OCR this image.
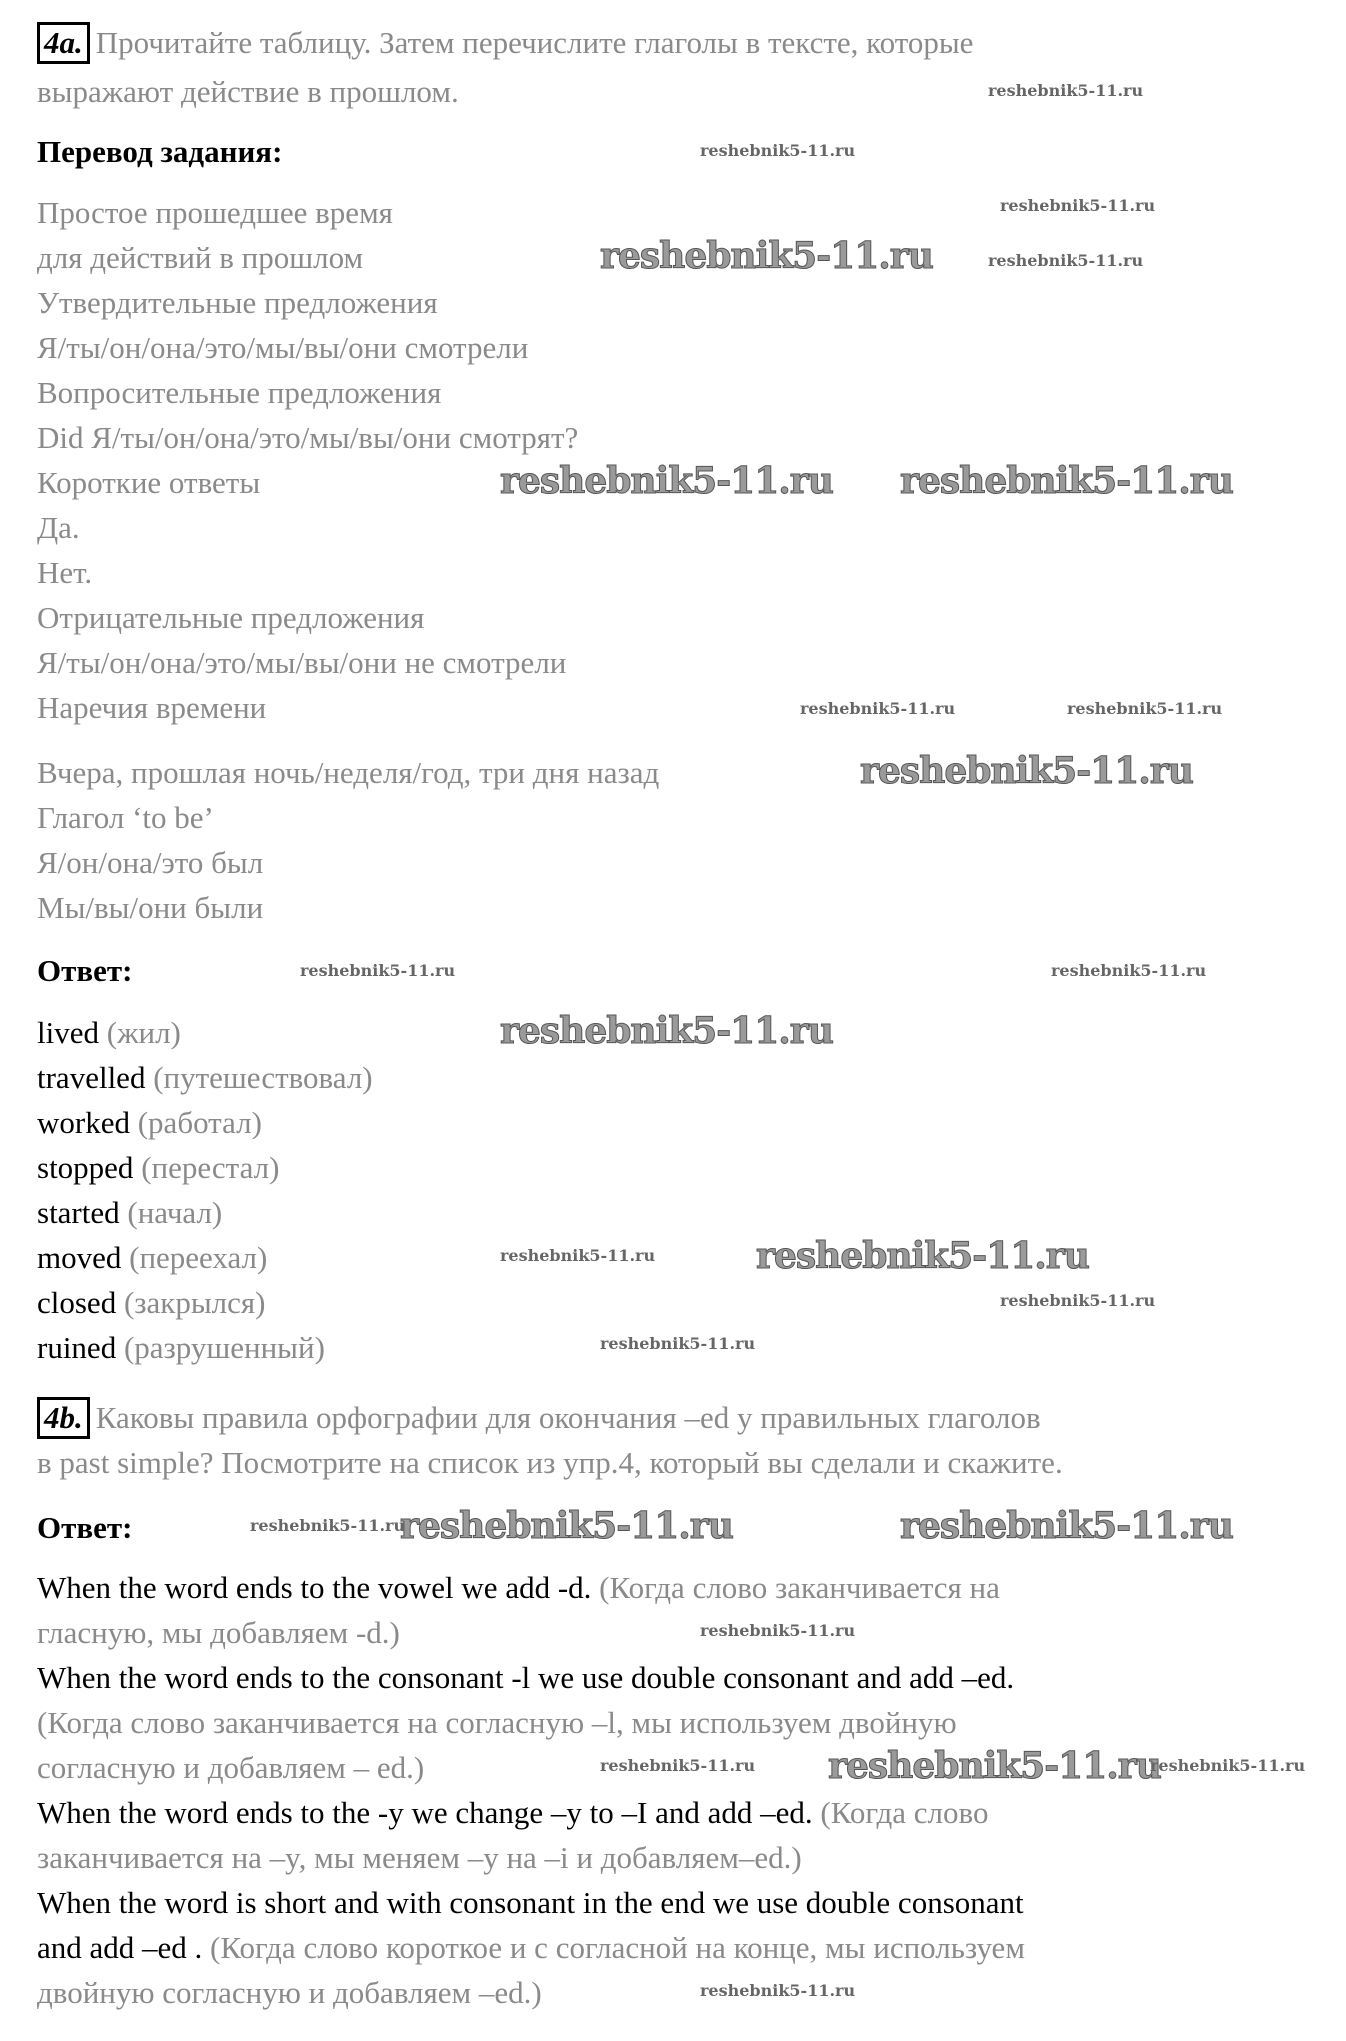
4a. Прочитайте таблицу. Затем перечислите глаголы в тексте, которые
выражают действие в прошлом.
Перевод задания:
Простое прошедшее время
для действий в прошлом
Утвердительные предложения
Я/ты/он/она/это/мы/вы/они смотрели
Вопросительные предложения
Did Я/ты/он/она/это/мы/вы/они смотрят?
Короткие ответы
Да.
Нет.
Отрицательные предложения
Я/ты/он/она/это/мы/вы/они не смотрели
Наречия времени
Вчера, прошлая ночь/неделя/год, три дня назад
Глагол ‘to be’
Я/он/она/это был
Мы/вы/они были
Ответ:
lived (жил)
travelled (путешествовал)
worked (работал)
stopped (перестал)
started (начал)
moved (переехал)
closed (закрылся)
ruined (разрушенный)
4b. Каковы правила орфографии для окончания –ed у правильных глаголов
в past simple? Посмотрите на список из упр.4, который вы сделали и скажите.
Ответ:
When the word ends to the vowel we add -d. (Когда слово заканчивается на
гласную, мы добавляем -d.)
When the word ends to the consonant -l we use double consonant and add –ed.
(Когда слово заканчивается на согласную –l, мы используем двойную
согласную и добавляем – ed.)
When the word ends to the -y we change –y to –I and add –ed. (Когда слово
заканчивается на –y, мы меняем –y на –i и добавляем–ed.)
When the word is short and with consonant in the end we use double consonant
and add –ed . (Когда слово короткое и с согласной на конце, мы используем
двойную согласную и добавляем –ed.)
reshebnik5-11.ru
reshebnik5-11.ru reshebnik5-11.ru
reshebnik5-11.ru
reshebnik5-11.ru
reshebnik5-11.ru
reshebnik5-11.ru	reshebnik5-11.ru
reshebnik5-11.ru
reshebnik5-11.ru
reshebnik5-11.ru
reshebnik5-11.ru
reshebnik5-11.ru
reshebnik5-11.ru	reshebnik5-11.ru
reshebnik5-11.ru
reshebnik5-11.ru
reshebnik5-11.ru
reshebnik5-11.ru
reshebnik5-11.ru
reshebnik5-11.ru
reshebnik5-11.ru
reshebnik5-11.ru	reshebnik5-11.ru
reshebnik5-11.ru
